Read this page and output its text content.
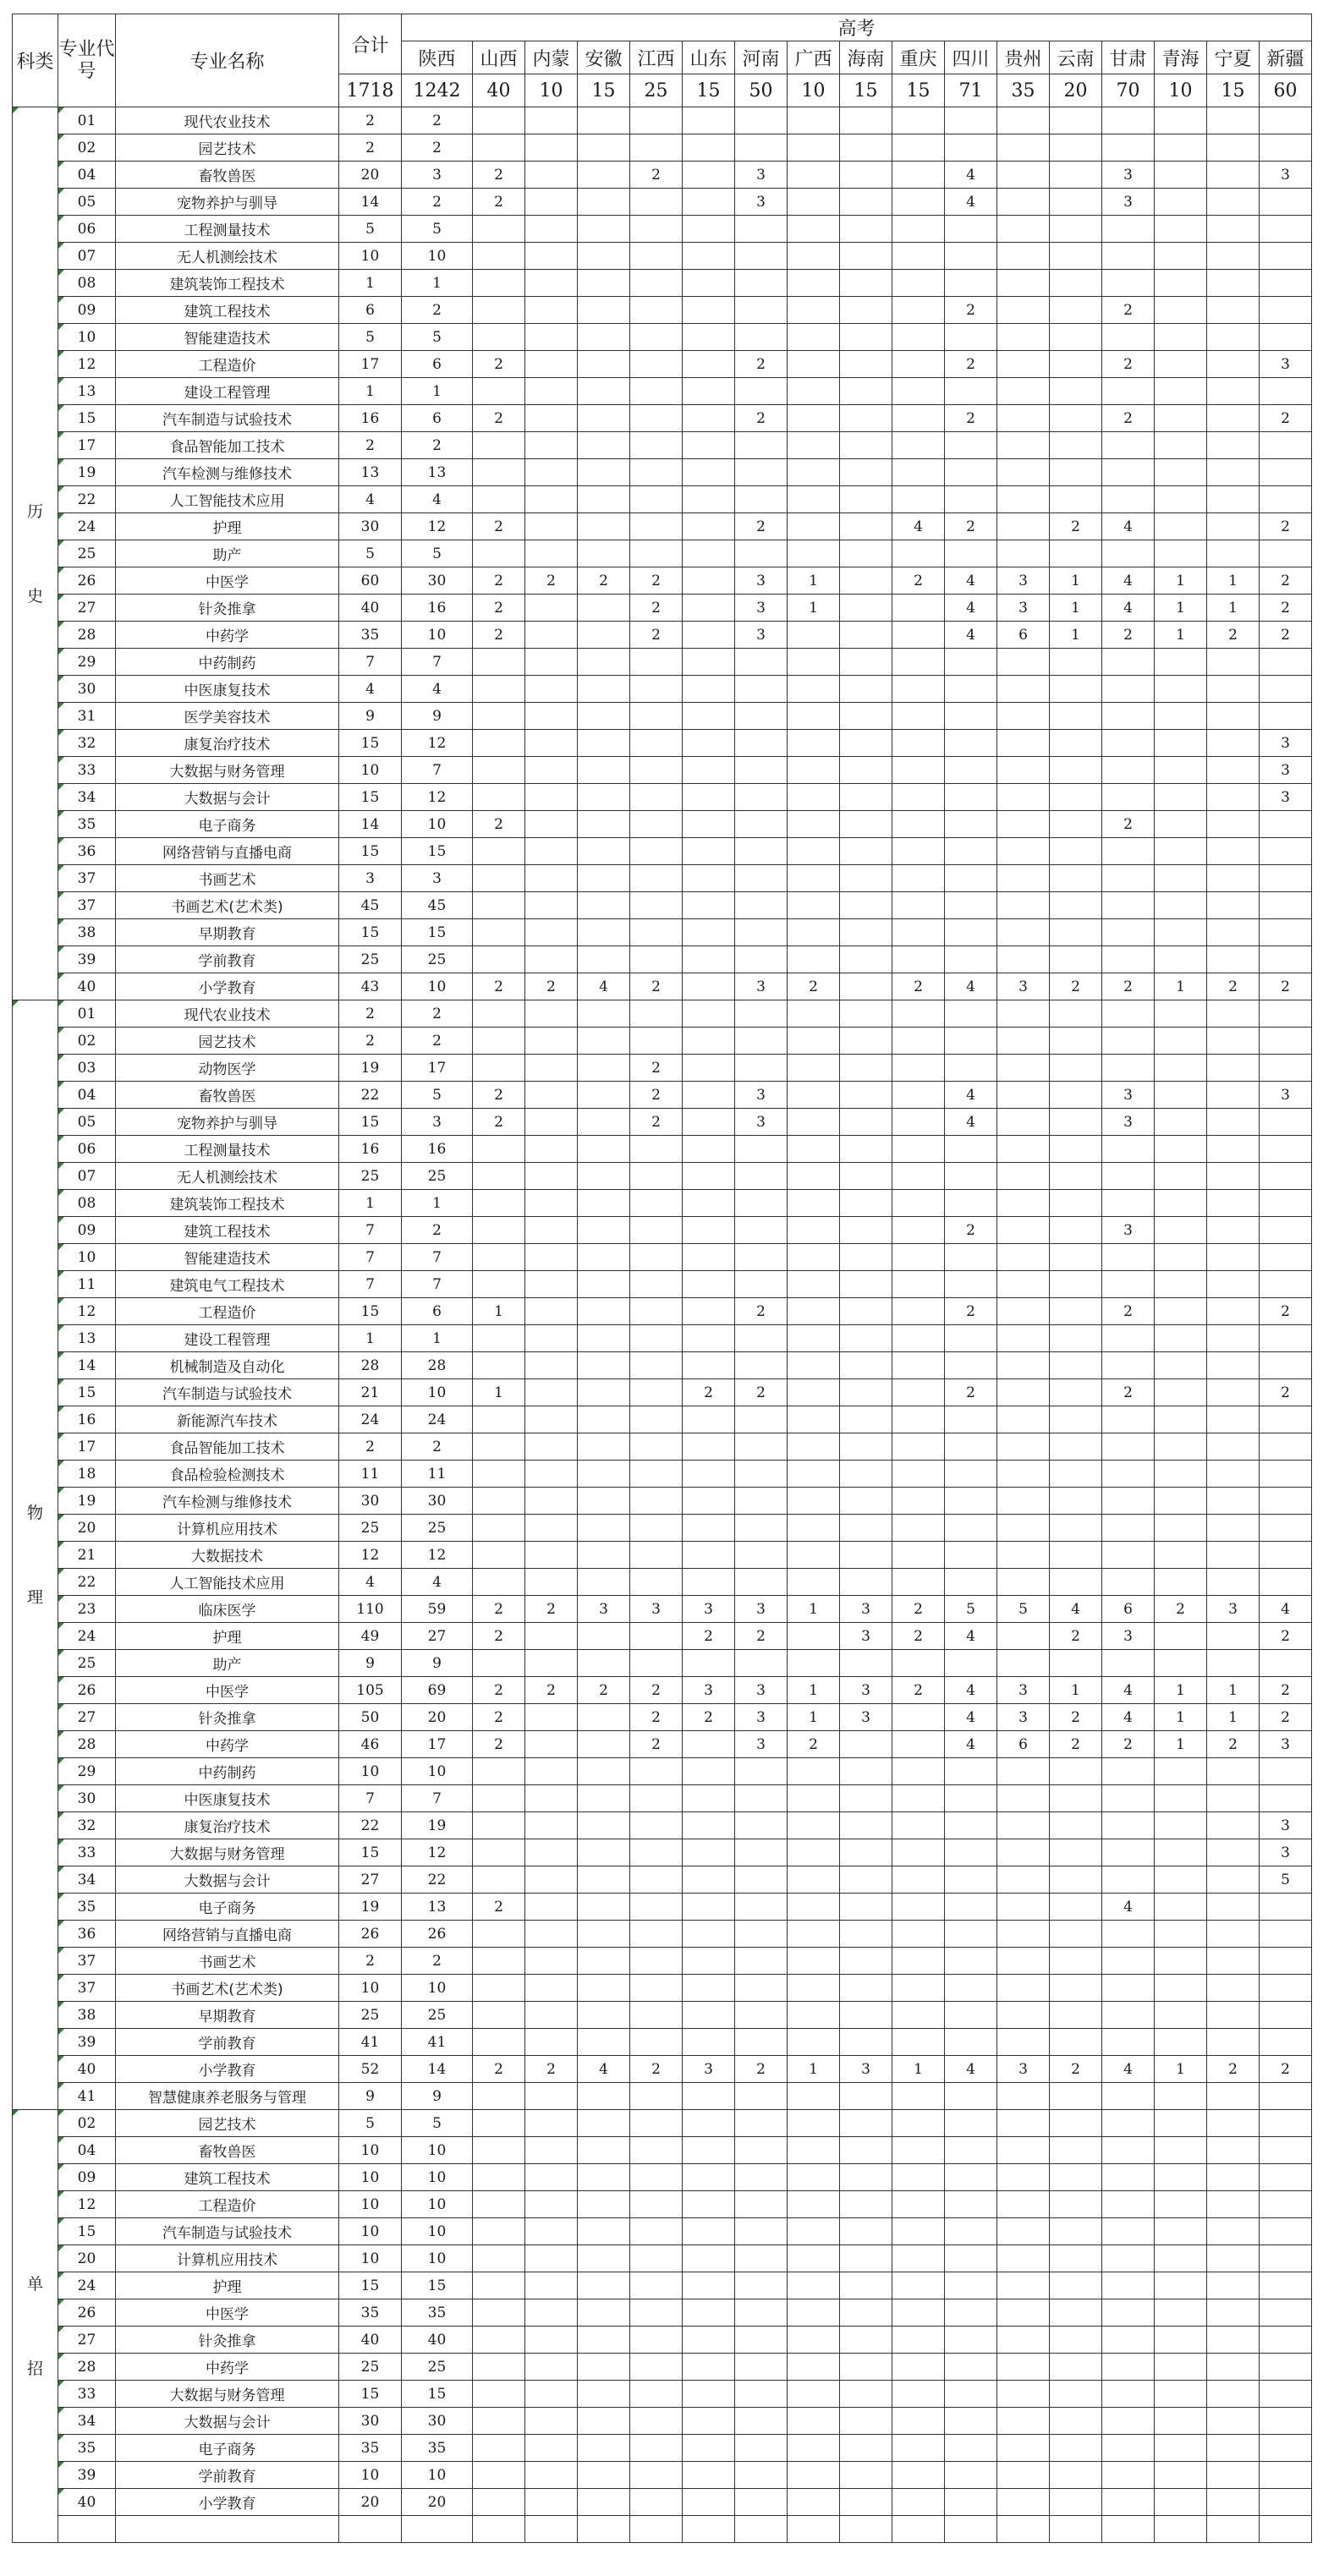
科类	专业代号	专业名称	合计	高考																
				陕西	山西	内蒙	安徽	江西	山东	河南	广西	海南	重庆	四川	贵州	云南	甘肃	青海	宁夏	新疆
			1718	1242	40	10	15	25	15	50	10	15	15	71	35	20	70	10	15	60

历
史	01	现代农业技术	2	2																
	02	园艺技术	2	2																
	04	畜牧兽医	20	3	2			2		3				4			3			3
	05	宠物养护与驯导	14	2	2					3				4			3			
	06	工程测量技术	5	5																
	07	无人机测绘技术	10	10																
	08	建筑装饰工程技术	1	1																
	09	建筑工程技术	6	2										2			2			
	10	智能建造技术	5	5																
	12	工程造价	17	6	2					2				2			2			3
	13	建设工程管理	1	1																
	15	汽车制造与试验技术	16	6	2					2				2			2			2
	17	食品智能加工技术	2	2																
	19	汽车检测与维修技术	13	13																
	22	人工智能技术应用	4	4																
	24	护理	30	12	2					2			4	2		2	4			2
	25	助产	5	5																
	26	中医学	60	30	2	2	2	2		3	1		2	4	3	1	4	1	1	2
	27	针灸推拿	40	16	2			2		3	1			4	3	1	4	1	1	2
	28	中药学	35	10	2			2		3				4	6	1	2	1	2	2
	29	中药制药	7	7																
	30	中医康复技术	4	4																
	31	医学美容技术	9	9																
	32	康复治疗技术	15	12																3
	33	大数据与财务管理	10	7																3
	34	大数据与会计	15	12																3
	35	电子商务	14	10	2												2			
	36	网络营销与直播电商	15	15																
	37	书画艺术	3	3																
	37	书画艺术(艺术类)	45	45																
	38	早期教育	15	15																
	39	学前教育	25	25																
	40	小学教育	43	10	2	2	4	2		3	2		2	4	3	2	2	1	2	2

物
理	01	现代农业技术	2	2																
	02	园艺技术	2	2																
	03	动物医学	19	17				2												
	04	畜牧兽医	22	5	2			2		3				4			3			3
	05	宠物养护与驯导	15	3	2			2		3				4			3			
	06	工程测量技术	16	16																
	07	无人机测绘技术	25	25																
	08	建筑装饰工程技术	1	1																
	09	建筑工程技术	7	2										2			3			
	10	智能建造技术	7	7																
	11	建筑电气工程技术	7	7																
	12	工程造价	15	6	1					2				2			2			2
	13	建设工程管理	1	1																
	14	机械制造及自动化	28	28																
	15	汽车制造与试验技术	21	10	1				2	2				2			2			2
	16	新能源汽车技术	24	24																
	17	食品智能加工技术	2	2																
	18	食品检验检测技术	11	11																
	19	汽车检测与维修技术	30	30																
	20	计算机应用技术	25	25																
	21	大数据技术	12	12																
	22	人工智能技术应用	4	4																
	23	临床医学	110	59	2	2	3	3	3	3	1	3	2	5	5	4	6	2	3	4
	24	护理	49	27	2				2	2		3	2	4		2	3			2
	25	助产	9	9																
	26	中医学	105	69	2	2	2	2	3	3	1	3	2	4	3	1	4	1	1	2
	27	针灸推拿	50	20	2			2	2	3	1	3		4	3	2	4	1	1	2
	28	中药学	46	17	2			2		3	2			4	6	2	2	1	2	3
	29	中药制药	10	10																
	30	中医康复技术	7	7																
	32	康复治疗技术	22	19																3
	33	大数据与财务管理	15	12																3
	34	大数据与会计	27	22																5
	35	电子商务	19	13	2												4			
	36	网络营销与直播电商	26	26																
	37	书画艺术	2	2																
	37	书画艺术(艺术类)	10	10																
	38	早期教育	25	25																
	39	学前教育	41	41																
	40	小学教育	52	14	2	2	4	2	3	2	1	3	1	4	3	2	4	1	2	2
	41	智慧健康养老服务与管理	9	9																

单
招	02	园艺技术	5	5																
	04	畜牧兽医	10	10																
	09	建筑工程技术	10	10																
	12	工程造价	10	10																
	15	汽车制造与试验技术	10	10																
	20	计算机应用技术	10	10																
	24	护理	15	15																
	26	中医学	35	35																
	27	针灸推拿	40	40																
	28	中药学	25	25																
	33	大数据与财务管理	15	15																
	34	大数据与会计	30	30																
	35	电子商务	35	35																
	39	学前教育	10	10																
	40	小学教育	20	20																
